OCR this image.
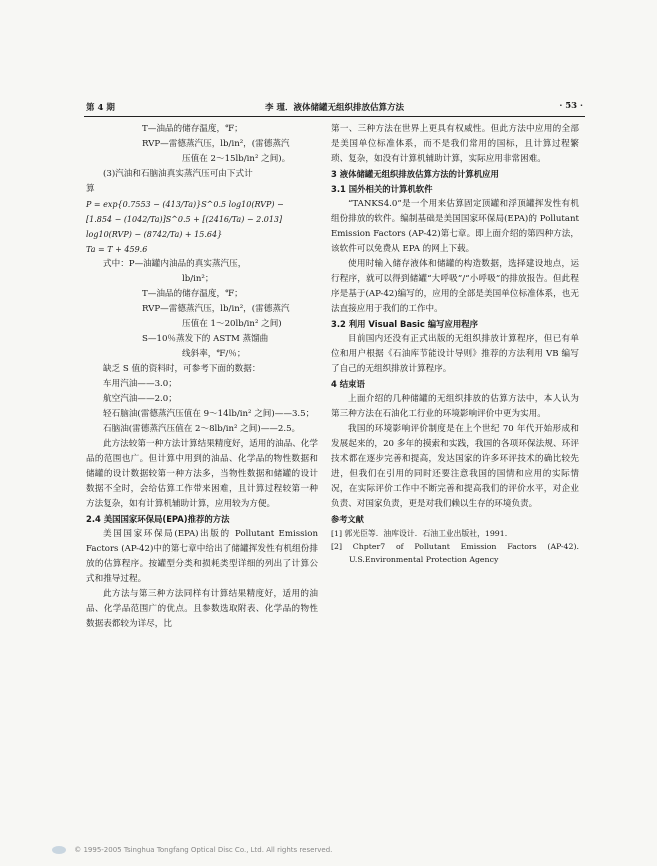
第 4 期	李 瑾．液体储罐无组织排放估算方法	· 53 ·

T—油品的储存温度，℉；

RVP—雷德蒸汽压，lb/in²，(雷德蒸汽

压值在 2～15lb/in² 之间)。

(3)汽油和石脑油真实蒸汽压可由下式计

算

P = exp{0.7553 − (413/Ta)}S^0.5 log10(RVP) −

[1.854 − (1042/Ta)]S^0.5 + [(2416/Ta) − 2.013]

log10(RVP) − (8742/Ta) + 15.64}

Ta = T + 459.6

式中：P—油罐内油品的真实蒸汽压，

lb/in²；

T—油品的储存温度，℉；

RVP—雷德蒸汽压，lb/in²，(雷德蒸汽

压值在 1～20lb/in² 之间)

S—10％蒸发下的 ASTM 蒸馏曲

线斜率，℉/％；

缺乏 S 值的资料时，可参考下面的数据：

车用汽油——3.0；

航空汽油——2.0；

轻石脑油(雷德蒸汽压值在 9～14lb/in² 之间)——3.5；

石脑油(雷德蒸汽压值在 2～8lb/in² 之间)——2.5。

此方法较第一种方法计算结果精度好，适用的油品、化学品的范围也广。但计算中用到的油品、化学品的物性数据和储罐的设计数据较第一种方法多，当物性数据和储罐的设计数据不全时，会给估算工作带来困难，且计算过程较第一种方法复杂，如有计算机辅助计算，应用较为方便。

2.4 美国国家环保局(EPA)推荐的方法

美国国家环保局(EPA)出版的 Pollutant Emission Factors (AP-42)中的第七章中给出了储罐挥发性有机组份排放的估算程序。按罐型分类和损耗类型详细的列出了计算公式和推导过程。

此方法与第三种方法同样有计算结果精度好，适用的油品、化学品范围广的优点。且参数选取附表、化学品的物性数据表都较为详尽，比

第一、三种方法在世界上更具有权威性。但此方法中应用的全部是美国单位标准体系，而不是我们常用的国标，且计算过程繁琐、复杂，如没有计算机辅助计算，实际应用非常困难。

3 液体储罐无组织排放估算方法的计算机应用

3.1 国外相关的计算机软件

“TANKS4.0”是一个用来估算固定顶罐和浮顶罐挥发性有机组份排放的软件。编制基础是美国国家环保局(EPA)的 Pollutant Emission Factors (AP-42)第七章。即上面介绍的第四种方法，该软件可以免费从 EPA 的网上下载。

使用时输入储存液体和储罐的构造数据，选择建设地点，运行程序，就可以得到储罐“大呼吸”/“小呼吸”的排放报告。但此程序是基于(AP-42)编写的，应用的全部是美国单位标准体系，也无法直接应用于我们的工作中。

3.2 利用 Visual Basic 编写应用程序

目前国内还没有正式出版的无组织排放计算程序，但已有单位和用户根据《石油库节能设计导则》推荐的方法利用 VB 编写了自己的无组织排放计算程序。

4 结束语

上面介绍的几种储罐的无组织排放的估算方法中，本人认为第三种方法在石油化工行业的环境影响评价中更为实用。

我国的环境影响评价制度是在上个世纪 70 年代开始形成和发展起来的，20 多年的摸索和实践，我国的各项环保法规、环评技术都在逐步完善和提高，发达国家的许多环评技术的确比较先进，但我们在引用的同时还要注意我国的国情和应用的实际情况，在实际评价工作中不断完善和提高我们的评价水平，对企业负责、对国家负责，更是对我们赖以生存的环境负责。

参考文献

[1] 郭光臣等．油库设计．石油工业出版社，1991.

[2] Chpter7 of Pollutant Emission Factors (AP-42). U.S.Environmental Protection Agency

© 1995-2005 Tsinghua Tongfang Optical Disc Co., Ltd. All rights reserved.
